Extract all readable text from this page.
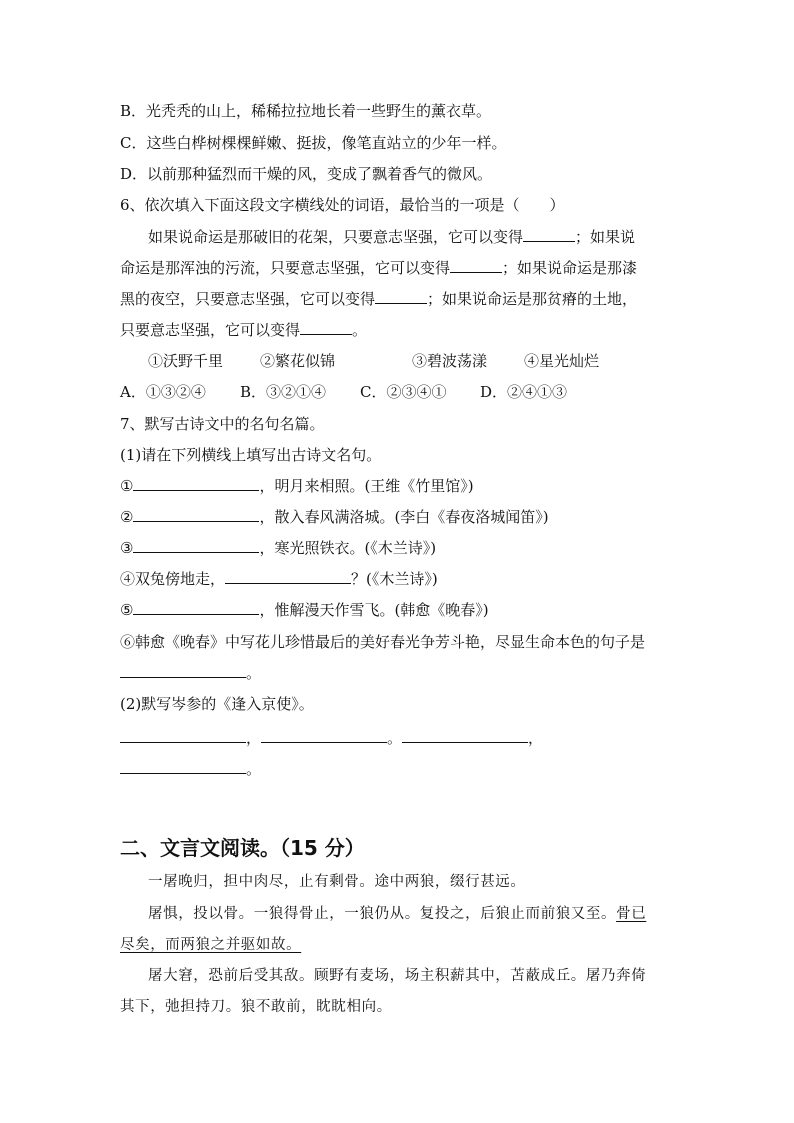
B．光秃秃的山上，稀稀拉拉地长着一些野生的薰衣草。
C．这些白桦树棵棵鲜嫩、挺拔，像笔直站立的少年一样。
D．以前那种猛烈而干燥的风，变成了飘着香气的微风。
6、依次填入下面这段文字横线处的词语，最恰当的一项是（　　）
如果说命运是那破旧的花架，只要意志坚强，它可以变得	；如果说
命运是那浑浊的污流，只要意志坚强，它可以变得	；如果说命运是那漆
黑的夜空，只要意志坚强，它可以变得	；如果说命运是那贫瘠的土地，
只要意志坚强，它可以变得	。
①沃野千里 ②繁花似锦	③碧波荡漾 ④星光灿烂
A．①③②④ B．③②①④ C．②③④① D．②④①③
7、默写古诗文中的名句名篇。
(1)请在下列横线上填写出古诗文名句。
①	，明月来相照。(王维《竹里馆》)
②	，散入春风满洛城。(李白《春夜洛城闻笛》)
③	，寒光照铁衣。(《木兰诗》)
④双兔傍地走，	？(《木兰诗》)
⑤	，惟解漫天作雪飞。(韩愈《晚春》)
⑥韩愈《晚春》中写花儿珍惜最后的美好春光争芳斗艳，尽显生命本色的句子是
。
(2)默写岑参的《逢入京使》。
，	。	，
。
二、文言文阅读。（15 分）
一屠晚归，担中肉尽，止有剩骨。途中两狼，缀行甚远。
屠惧，投以骨。一狼得骨止，一狼仍从。复投之，后狼止而前狼又至。骨已
尽矣，而两狼之并驱如故。
屠大窘，恐前后受其敌。顾野有麦场，场主积薪其中，苫蔽成丘。屠乃奔倚
其下，弛担持刀。狼不敢前，眈眈相向。
